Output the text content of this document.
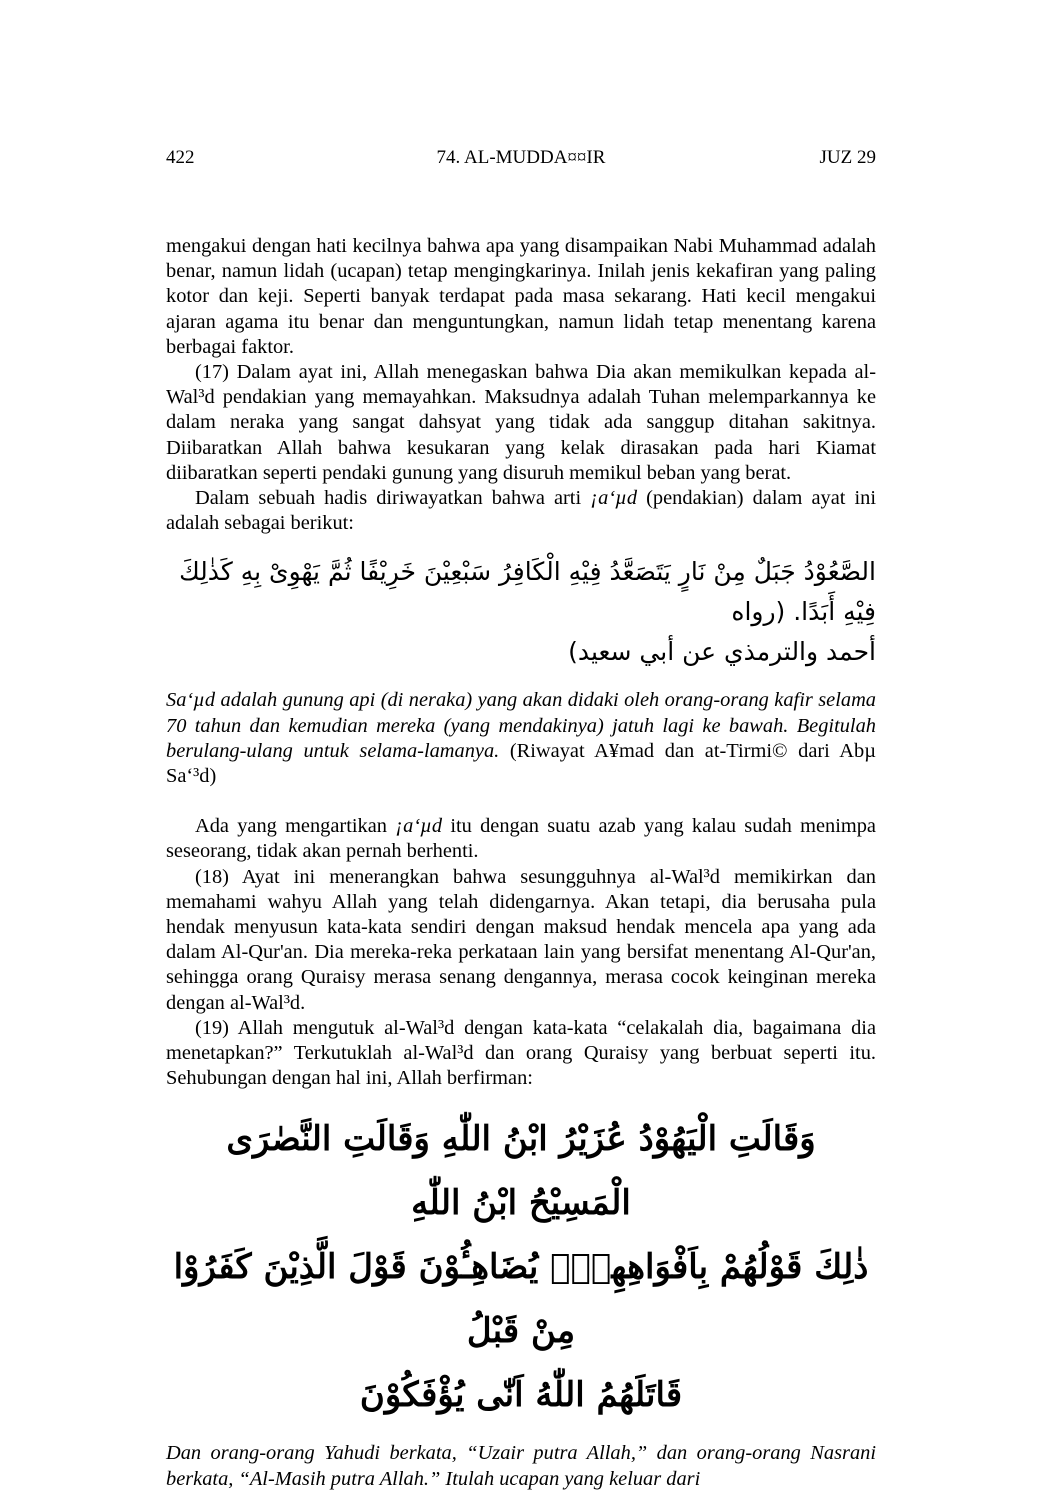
422	74. AL-MUDDA¤¤IR	JUZ 29

mengakui dengan hati kecilnya bahwa apa yang disampaikan Nabi Muhammad adalah benar, namun lidah (ucapan) tetap mengingkarinya. Inilah jenis kekafiran yang paling kotor dan keji. Seperti banyak terdapat pada masa sekarang. Hati kecil mengakui ajaran agama itu benar dan menguntungkan, namun lidah tetap menentang karena berbagai faktor.

(17) Dalam ayat ini, Allah menegaskan bahwa Dia akan memikulkan kepada al-Wal³d pendakian yang memayahkan. Maksudnya adalah Tuhan melemparkannya ke dalam neraka yang sangat dahsyat yang tidak ada sanggup ditahan sakitnya. Diibaratkan Allah bahwa kesukaran yang kelak dirasakan pada hari Kiamat diibaratkan seperti pendaki gunung yang disuruh memikul beban yang berat.

Dalam sebuah hadis diriwayatkan bahwa arti ¡a‘µd (pendakian) dalam ayat ini adalah sebagai berikut:

الصَّعُوْدُ جَبَلٌ مِنْ نَارٍ يَتَصَعَّدُ فِيْهِ الْكَافِرُ سَبْعِيْنَ خَرِيْفًا ثُمَّ يَهْوِىْ بِهِ كَذٰلِكَ فِيْهِ أَبَدًا. (رواه
أحمد والترمذي عن أبي سعيد)

Sa‘µd adalah gunung api (di neraka) yang akan didaki oleh orang-orang kafir selama 70 tahun dan kemudian mereka (yang mendakinya) jatuh lagi ke bawah. Begitulah berulang-ulang untuk selama-lamanya. (Riwayat A¥mad dan at-Tirmi© dari Abµ Sa‘³d)

Ada yang mengartikan ¡a‘µd itu dengan suatu azab yang kalau sudah menimpa seseorang, tidak akan pernah berhenti.

(18) Ayat ini menerangkan bahwa sesungguhnya al-Wal³d memikirkan dan memahami wahyu Allah yang telah didengarnya. Akan tetapi, dia berusaha pula hendak menyusun kata-kata sendiri dengan maksud hendak mencela apa yang ada dalam Al-Qur'an. Dia mereka-reka perkataan lain yang bersifat menentang Al-Qur'an, sehingga orang Quraisy merasa senang dengannya, merasa cocok keinginan mereka dengan al-Wal³d.

(19) Allah mengutuk al-Wal³d dengan kata-kata “celakalah dia, bagaimana dia menetapkan?” Terkutuklah al-Wal³d dan orang Quraisy yang berbuat seperti itu. Sehubungan dengan hal ini, Allah berfirman:

وَقَالَتِ الْيَهُوْدُ عُزَيْرُ ابْنُ اللّٰهِ وَقَالَتِ النَّصٰرَى الْمَسِيْحُ ابْنُ اللّٰهِ
ذٰلِكَ قَوْلُهُمْ بِاَفْوَاهِهِمْۚ يُضَاهِـُٔوْنَ قَوْلَ الَّذِيْنَ كَفَرُوْا مِنْ قَبْلُ
قَاتَلَهُمُ اللّٰهُ اَنّٰى يُؤْفَكُوْنَ

Dan orang-orang Yahudi berkata, “Uzair putra Allah,” dan orang-orang Nasrani berkata, “Al-Masih putra Allah.” Itulah ucapan yang keluar dari
